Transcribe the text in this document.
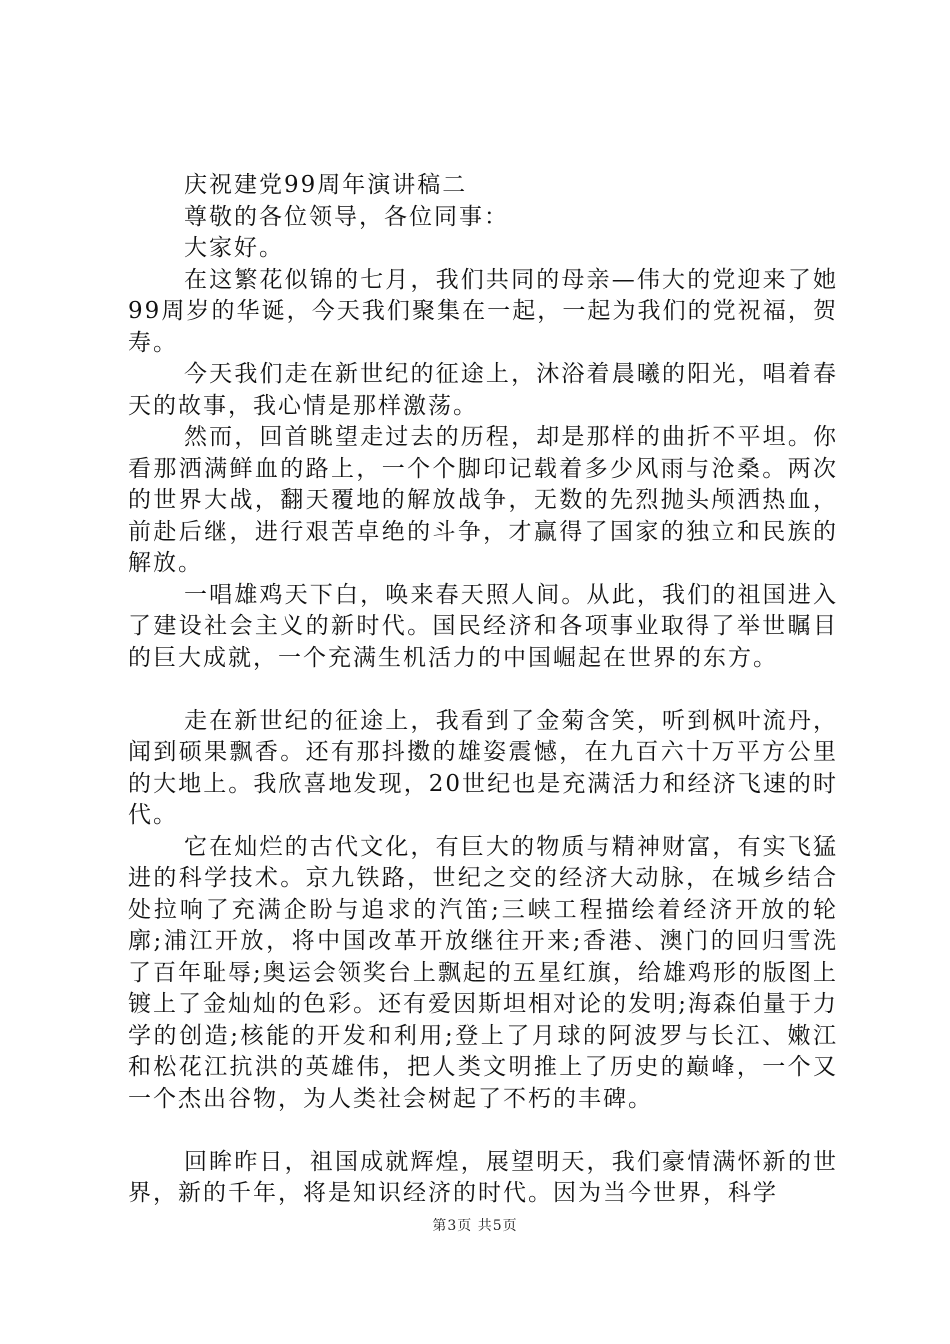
庆祝建党99周年演讲稿二

尊敬的各位领导，各位同事：

大家好。

在这繁花似锦的七月，我们共同的母亲—伟大的党迎来了她99周岁的华诞，今天我们聚集在一起，一起为我们的党祝福，贺寿。

今天我们走在新世纪的征途上，沐浴着晨曦的阳光，唱着春天的故事，我心情是那样激荡。

然而，回首眺望走过去的历程，却是那样的曲折不平坦。你看那洒满鲜血的路上，一个个脚印记载着多少风雨与沧桑。两次的世界大战，翻天覆地的解放战争，无数的先烈抛头颅洒热血，前赴后继，进行艰苦卓绝的斗争，才赢得了国家的独立和民族的解放。

一唱雄鸡天下白，唤来春天照人间。从此，我们的祖国进入了建设社会主义的新时代。国民经济和各项事业取得了举世瞩目的巨大成就，一个充满生机活力的中国崛起在世界的东方。

走在新世纪的征途上，我看到了金菊含笑，听到枫叶流丹，闻到硕果飘香。还有那抖擞的雄姿震憾，在九百六十万平方公里的大地上。我欣喜地发现，20世纪也是充满活力和经济飞速的时代。

它在灿烂的古代文化，有巨大的物质与精神财富，有实飞猛进的科学技术。京九铁路，世纪之交的经济大动脉，在城乡结合处拉响了充满企盼与追求的汽笛;三峡工程描绘着经济开放的轮廓;浦江开放，将中国改革开放继往开来;香港、澳门的回归雪洗了百年耻辱;奥运会领奖台上飘起的五星红旗，给雄鸡形的版图上镀上了金灿灿的色彩。还有爱因斯坦相对论的发明;海森伯量于力学的创造;核能的开发和利用;登上了月球的阿波罗与长江、嫩江和松花江抗洪的英雄伟，把人类文明推上了历史的巅峰，一个又一个杰出谷物，为人类社会树起了不朽的丰碑。

回眸昨日，祖国成就辉煌，展望明天，我们豪情满怀新的世界，新的千年，将是知识经济的时代。因为当今世界，科学

第3页 共5页
